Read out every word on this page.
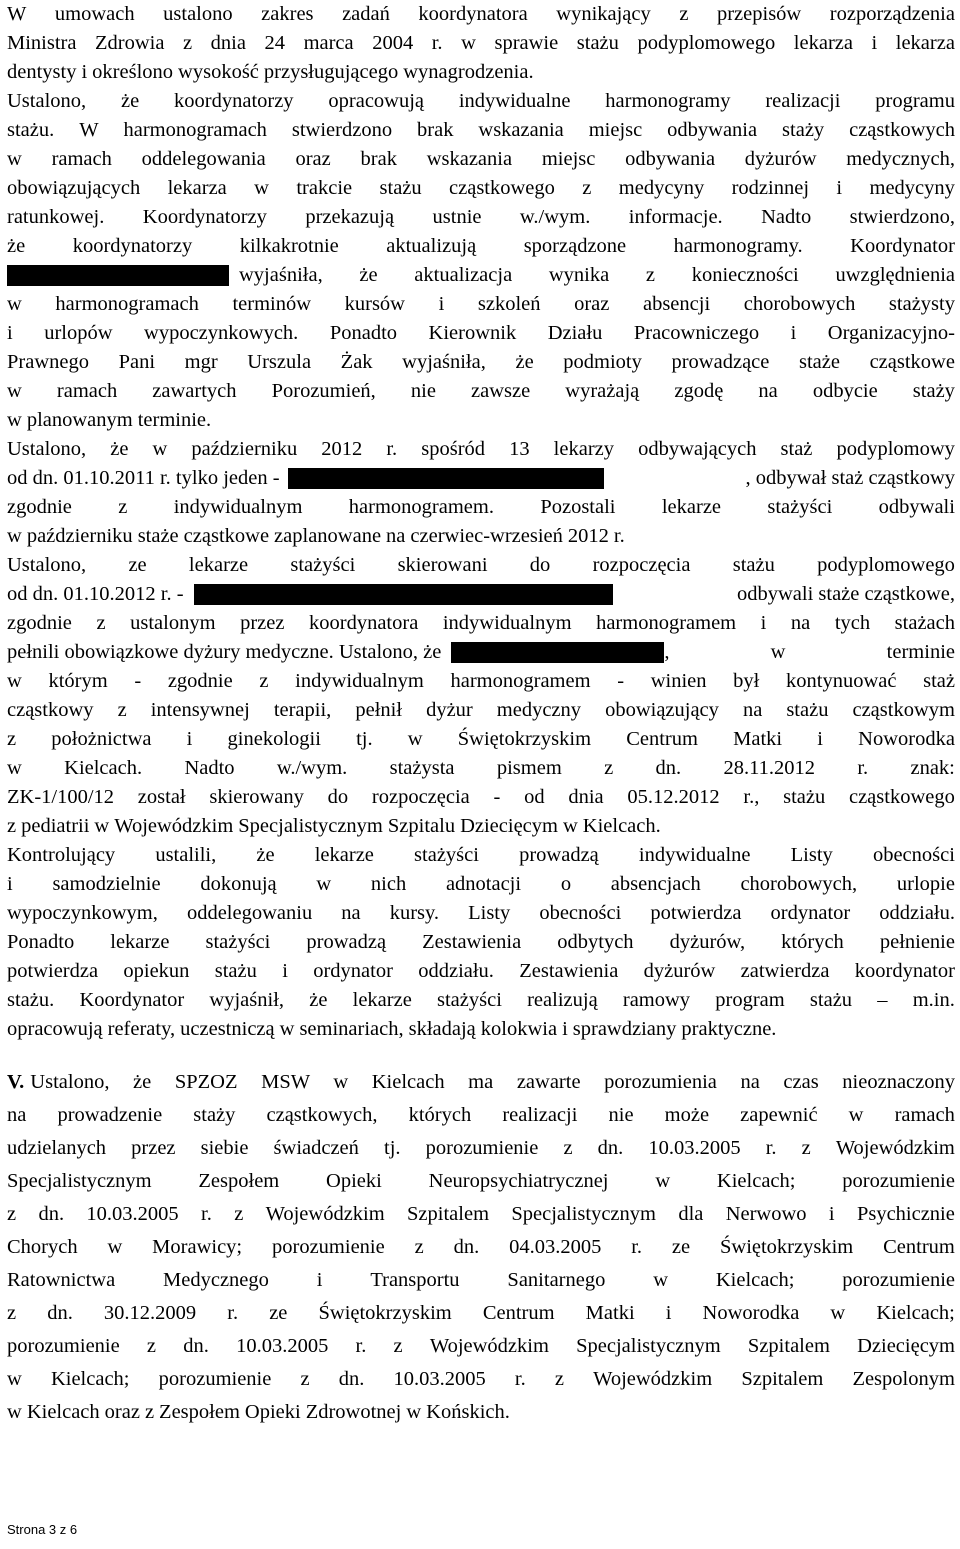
W umowach ustalono zakres zadań koordynatora wynikający z przepisów rozporządzenia
Ministra Zdrowia z dnia 24 marca 2004 r. w sprawie stażu podyplomowego lekarza i lekarza
dentysty i określono wysokość przysługującego wynagrodzenia.
Ustalono, że koordynatorzy opracowują indywidualne harmonogramy realizacji programu
stażu. W harmonogramach stwierdzono brak wskazania miejsc odbywania staży cząstkowych
w ramach oddelegowania oraz brak wskazania miejsc odbywania dyżurów medycznych,
obowiązujących lekarza w trakcie stażu cząstkowego z medycyny rodzinnej i medycyny
ratunkowej. Koordynatorzy przekazują ustnie w./wym. informacje. Nadto stwierdzono,
że koordynatorzy kilkakrotnie aktualizują sporządzone harmonogramy. Koordynator
wyjaśniła, że aktualizacja wynika z konieczności uwzględnienia
w harmonogramach terminów kursów i szkoleń oraz absencji chorobowych stażysty
i urlopów wypoczynkowych. Ponadto Kierownik Działu Pracowniczego i Organizacyjno-
Prawnego Pani mgr Urszula Żak wyjaśniła, że podmioty prowadzące staże cząstkowe
w ramach zawartych Porozumień, nie zawsze wyrażają zgodę na odbycie staży
w planowanym terminie.
Ustalono, że w październiku 2012 r. spośród 13 lekarzy odbywających staż podyplomowy
od dn. 01.10.2011 r. tylko jeden -	, odbywał staż cząstkowy
zgodnie z indywidualnym harmonogramem. Pozostali lekarze stażyści odbywali
w październiku staże cząstkowe zaplanowane na czerwiec-wrzesień 2012 r.
Ustalono, ze lekarze stażyści skierowani do rozpoczęcia stażu podyplomowego
od dn. 01.10.2012 r. -	odbywali staże cząstkowe,
zgodnie z ustalonym przez koordynatora indywidualnym harmonogramem i na tych stażach
pełnili obowiązkowe dyżury medyczne. Ustalono, że	, w terminie
w którym - zgodnie z indywidualnym harmonogramem - winien był kontynuować staż
cząstkowy z intensywnej terapii, pełnił dyżur medyczny obowiązujący na stażu cząstkowym
z położnictwa i ginekologii tj. w Świętokrzyskim Centrum Matki i Noworodka
w Kielcach. Nadto w./wym. stażysta pismem z dn. 28.11.2012 r. znak:
ZK-1/100/12 został skierowany do rozpoczęcia - od dnia 05.12.2012 r., stażu cząstkowego
z pediatrii w Wojewódzkim Specjalistycznym Szpitalu Dziecięcym w Kielcach.
Kontrolujący ustalili, że lekarze stażyści prowadzą indywidualne Listy obecności
i samodzielnie dokonują w nich adnotacji o absencjach chorobowych, urlopie
wypoczynkowym, oddelegowaniu na kursy. Listy obecności potwierdza ordynator oddziału.
Ponadto lekarze stażyści prowadzą Zestawienia odbytych dyżurów, których pełnienie
potwierdza opiekun stażu i ordynator oddziału. Zestawienia dyżurów zatwierdza koordynator
stażu. Koordynator wyjaśnił, że lekarze stażyści realizują ramowy program stażu – m.in.
opracowują referaty, uczestniczą w seminariach, składają kolokwia i sprawdziany praktyczne.
V. Ustalono, że SPZOZ MSW w Kielcach ma zawarte porozumienia na czas nieoznaczony
na prowadzenie staży cząstkowych, których realizacji nie może zapewnić w ramach
udzielanych przez siebie świadczeń tj. porozumienie z dn. 10.03.2005 r. z Wojewódzkim
Specjalistycznym Zespołem Opieki Neuropsychiatrycznej w Kielcach; porozumienie
z dn. 10.03.2005 r. z Wojewódzkim Szpitalem Specjalistycznym dla Nerwowo i Psychicznie
Chorych w Morawicy; porozumienie z dn. 04.03.2005 r. ze Świętokrzyskim Centrum
Ratownictwa Medycznego i Transportu Sanitarnego w Kielcach; porozumienie
z dn. 30.12.2009 r. ze Świętokrzyskim Centrum Matki i Noworodka w Kielcach;
porozumienie z dn. 10.03.2005 r. z Wojewódzkim Specjalistycznym Szpitalem Dziecięcym
w Kielcach; porozumienie z dn. 10.03.2005 r. z Wojewódzkim Szpitalem Zespolonym
w Kielcach oraz z Zespołem Opieki Zdrowotnej w Końskich.
Strona 3 z 6
